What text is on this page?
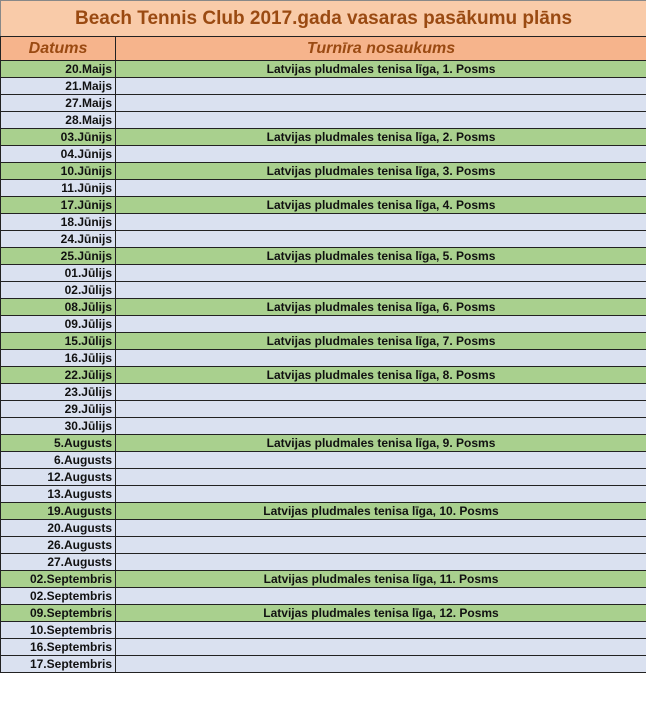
Beach Tennis Club 2017.gada vasaras pasākumu plāns	
Datums	Turnīra nosaukums
20.Maijs	Latvijas pludmales tenisa līga, 1. Posms
21.Maijs	
27.Maijs	
28.Maijs	
03.Jūnijs	Latvijas pludmales tenisa līga, 2. Posms
04.Jūnijs	
10.Jūnijs	Latvijas pludmales tenisa līga, 3. Posms
11.Jūnijs	
17.Jūnijs	Latvijas pludmales tenisa līga, 4. Posms
18.Jūnijs	
24.Jūnijs	
25.Jūnijs	Latvijas pludmales tenisa līga, 5. Posms
01.Jūlijs	
02.Jūlijs	
08.Jūlijs	Latvijas pludmales tenisa līga, 6. Posms
09.Jūlijs	
15.Jūlijs	Latvijas pludmales tenisa līga, 7. Posms
16.Jūlijs	
22.Jūlijs	Latvijas pludmales tenisa līga, 8. Posms
23.Jūlijs	
29.Jūlijs	
30.Jūlijs	
5.Augusts	Latvijas pludmales tenisa līga, 9. Posms
6.Augusts	
12.Augusts	
13.Augusts	
19.Augusts	Latvijas pludmales tenisa līga, 10. Posms
20.Augusts	
26.Augusts	
27.Augusts	
02.Septembris	Latvijas pludmales tenisa līga, 11. Posms
02.Septembris	
09.Septembris	Latvijas pludmales tenisa līga, 12. Posms
10.Septembris	
16.Septembris	
17.Septembris	
